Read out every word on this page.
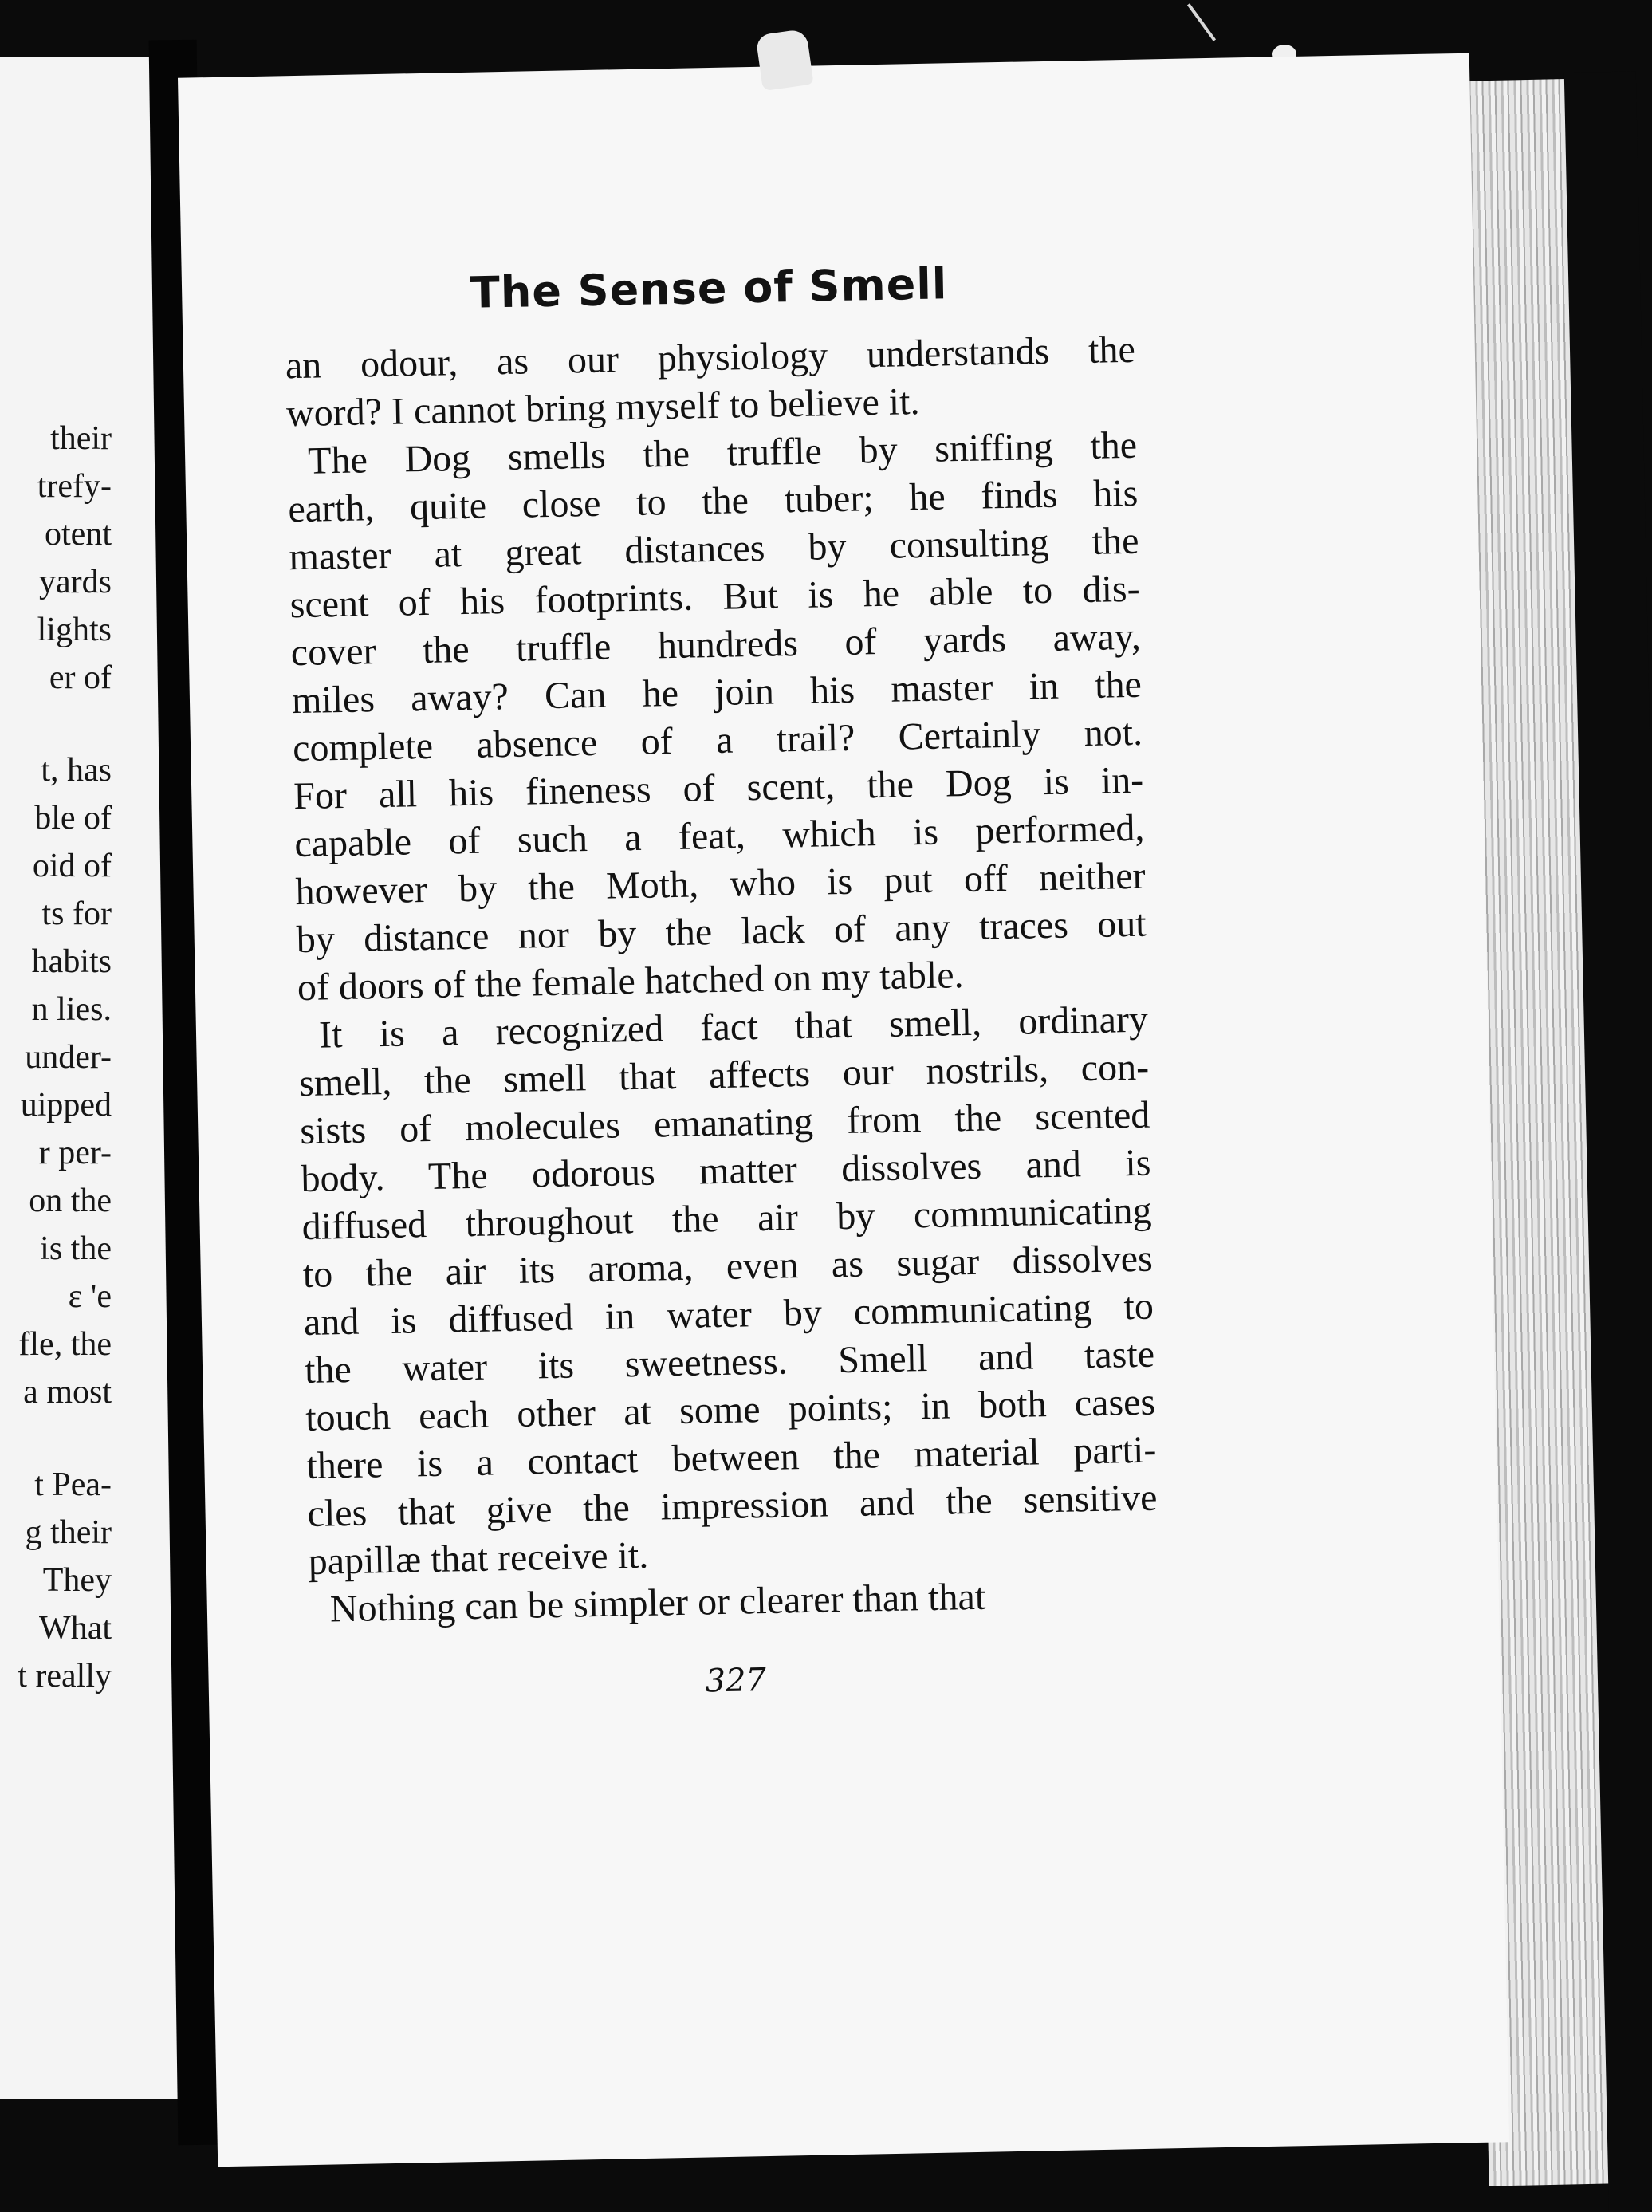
their
trefy-
otent
yards
lights
er of
t, has
ble of
oid of
ts for
habits
n lies.
under-
uipped
r per-
on the
is the
ε 'e
fle, the
a most
t Pea-
g their
They
What
t really
The Sense of Smell
an odour, as our physiology understands the
word? I cannot bring myself to believe it.
The Dog smells the truffle by sniffing the
earth, quite close to the tuber; he finds his
master at great distances by consulting the
scent of his footprints. But is he able to dis-
cover the truffle hundreds of yards away,
miles away? Can he join his master in the
complete absence of a trail? Certainly not.
For all his fineness of scent, the Dog is in-
capable of such a feat, which is performed,
however by the Moth, who is put off neither
by distance nor by the lack of any traces out
of doors of the female hatched on my table.
It is a recognized fact that smell, ordinary
smell, the smell that affects our nostrils, con-
sists of molecules emanating from the scented
body. The odorous matter dissolves and is
diffused throughout the air by communicating
to the air its aroma, even as sugar dissolves
and is diffused in water by communicating to
the water its sweetness. Smell and taste
touch each other at some points; in both cases
there is a contact between the material parti-
cles that give the impression and the sensitive
papillæ that receive it.
Nothing can be simpler or clearer than that
327
